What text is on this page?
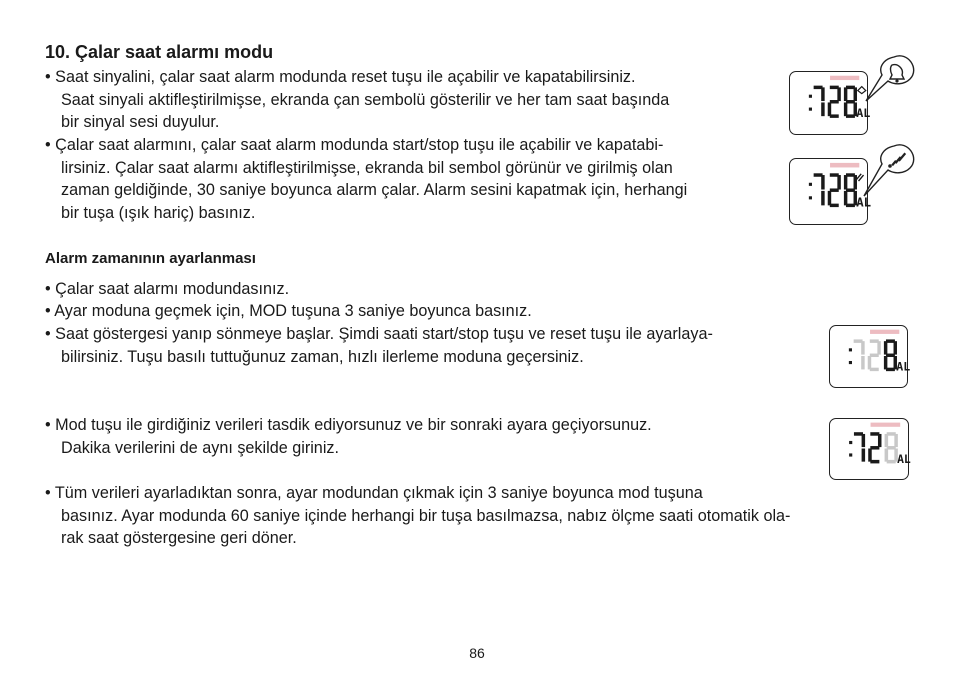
10. Çalar saat alarmı modu
• Saat sinyalini, çalar saat alarm modunda reset tuşu ile açabilir ve kapatabilirsiniz.
Saat sinyali aktifleştirilmişse, ekranda çan sembolü gösterilir ve her tam saat başında
bir sinyal sesi duyulur.
• Çalar saat alarmını, çalar saat alarm modunda start/stop tuşu ile açabilir ve kapatabi-
lirsiniz. Çalar saat alarmı aktifleştirilmişse, ekranda bil sembol görünür ve girilmiş olan
zaman geldiğinde, 30 saniye boyunca alarm çalar. Alarm sesini kapatmak için, herhangi
bir tuşa (ışık hariç) basınız.
Alarm zamanının ayarlanması
• Çalar saat alarmı modundasınız.
• Ayar moduna geçmek için, MOD tuşuna 3 saniye boyunca basınız.
• Saat göstergesi yanıp sönmeye başlar. Şimdi saati start/stop tuşu ve reset tuşu ile ayarlaya-
bilirsiniz. Tuşu basılı tuttuğunuz zaman, hızlı ilerleme moduna geçersiniz.
• Mod tuşu ile girdiğiniz verileri tasdik ediyorsunuz ve bir sonraki ayara geçiyorsunuz.
Dakika verilerini de aynı şekilde giriniz.
• Tüm verileri ayarladıktan sonra, ayar modundan çıkmak için 3 saniye boyunca mod tuşuna
basınız. Ayar modunda 60 saniye içinde herhangi bir tuşa basılmazsa, nabız ölçme saati otomatik ola-
rak saat göstergesine geri döner.
86
AL
AL
AL
AL
